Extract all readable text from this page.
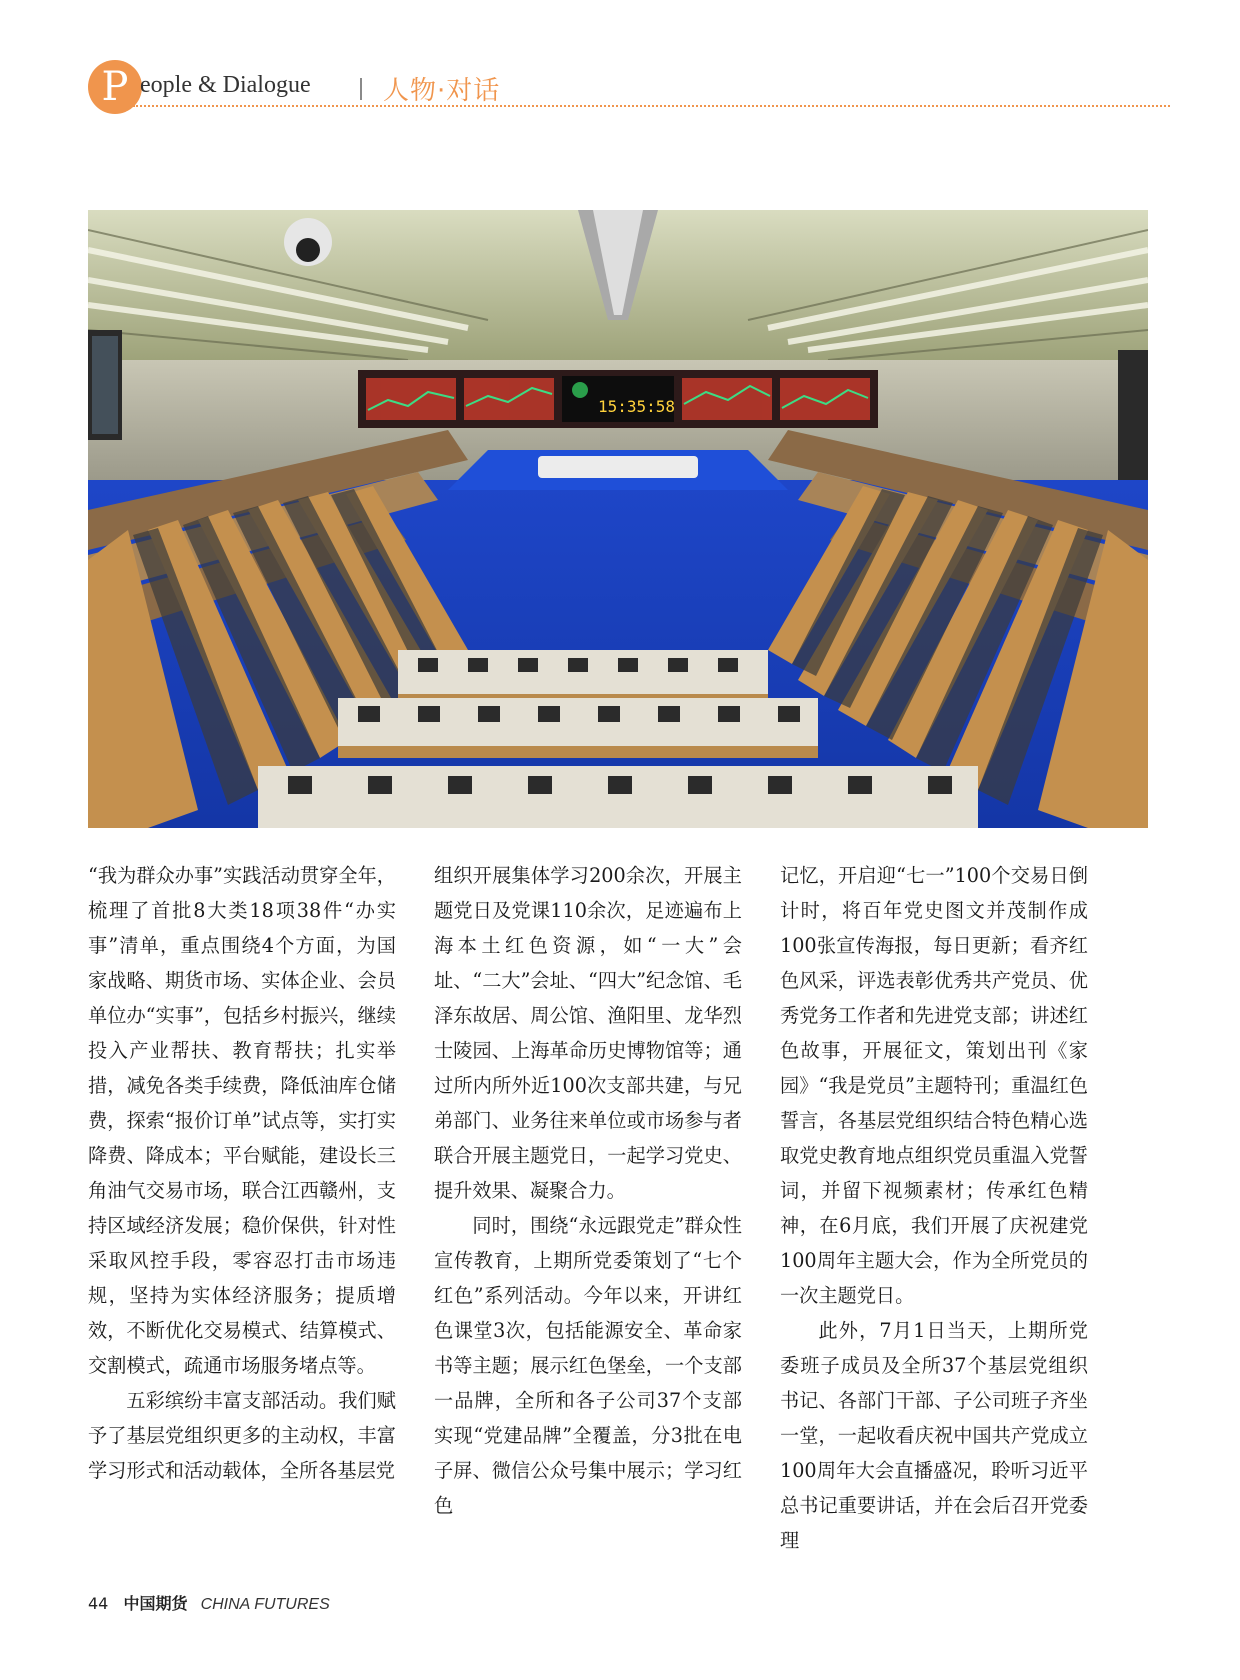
P eople & Dialogue	人物·对话
15:35:58

“我为群众办事”实践活动贯穿全年，梳理了首批8大类18项38件“办实事”清单，重点围绕4个方面，为国家战略、期货市场、实体企业、会员单位办“实事”，包括乡村振兴，继续投入产业帮扶、教育帮扶；扎实举措，减免各类手续费，降低油库仓储费，探索“报价订单”试点等，实打实降费、降成本；平台赋能，建设长三角油气交易市场，联合江西赣州，支持区域经济发展；稳价保供，针对性采取风控手段，零容忍打击市场违规，坚持为实体经济服务；提质增效，不断优化交易模式、结算模式、交割模式，疏通市场服务堵点等。

五彩缤纷丰富支部活动。我们赋予了基层党组织更多的主动权，丰富学习形式和活动载体，全所各基层党

组织开展集体学习200余次，开展主题党日及党课110余次，足迹遍布上海本土红色资源，如“一大”会址、“二大”会址、“四大”纪念馆、毛泽东故居、周公馆、渔阳里、龙华烈士陵园、上海革命历史博物馆等；通过所内所外近100次支部共建，与兄弟部门、业务往来单位或市场参与者联合开展主题党日，一起学习党史、提升效果、凝聚合力。

同时，围绕“永远跟党走”群众性宣传教育，上期所党委策划了“七个红色”系列活动。今年以来，开讲红色课堂3次，包括能源安全、革命家书等主题；展示红色堡垒，一个支部一品牌，全所和各子公司37个支部实现“党建品牌”全覆盖，分3批在电子屏、微信公众号集中展示；学习红色

记忆，开启迎“七一”100个交易日倒计时，将百年党史图文并茂制作成100张宣传海报，每日更新；看齐红色风采，评选表彰优秀共产党员、优秀党务工作者和先进党支部；讲述红色故事，开展征文，策划出刊《家园》“我是党员”主题特刊；重温红色誓言，各基层党组织结合特色精心选取党史教育地点组织党员重温入党誓词，并留下视频素材；传承红色精神，在6月底，我们开展了庆祝建党100周年主题大会，作为全所党员的一次主题党日。

此外，7月1日当天，上期所党委班子成员及全所37个基层党组织书记、各部门干部、子公司班子齐坐一堂，一起收看庆祝中国共产党成立100周年大会直播盛况，聆听习近平总书记重要讲话，并在会后召开党委理

44 中国期货 CHINA FUTURES
